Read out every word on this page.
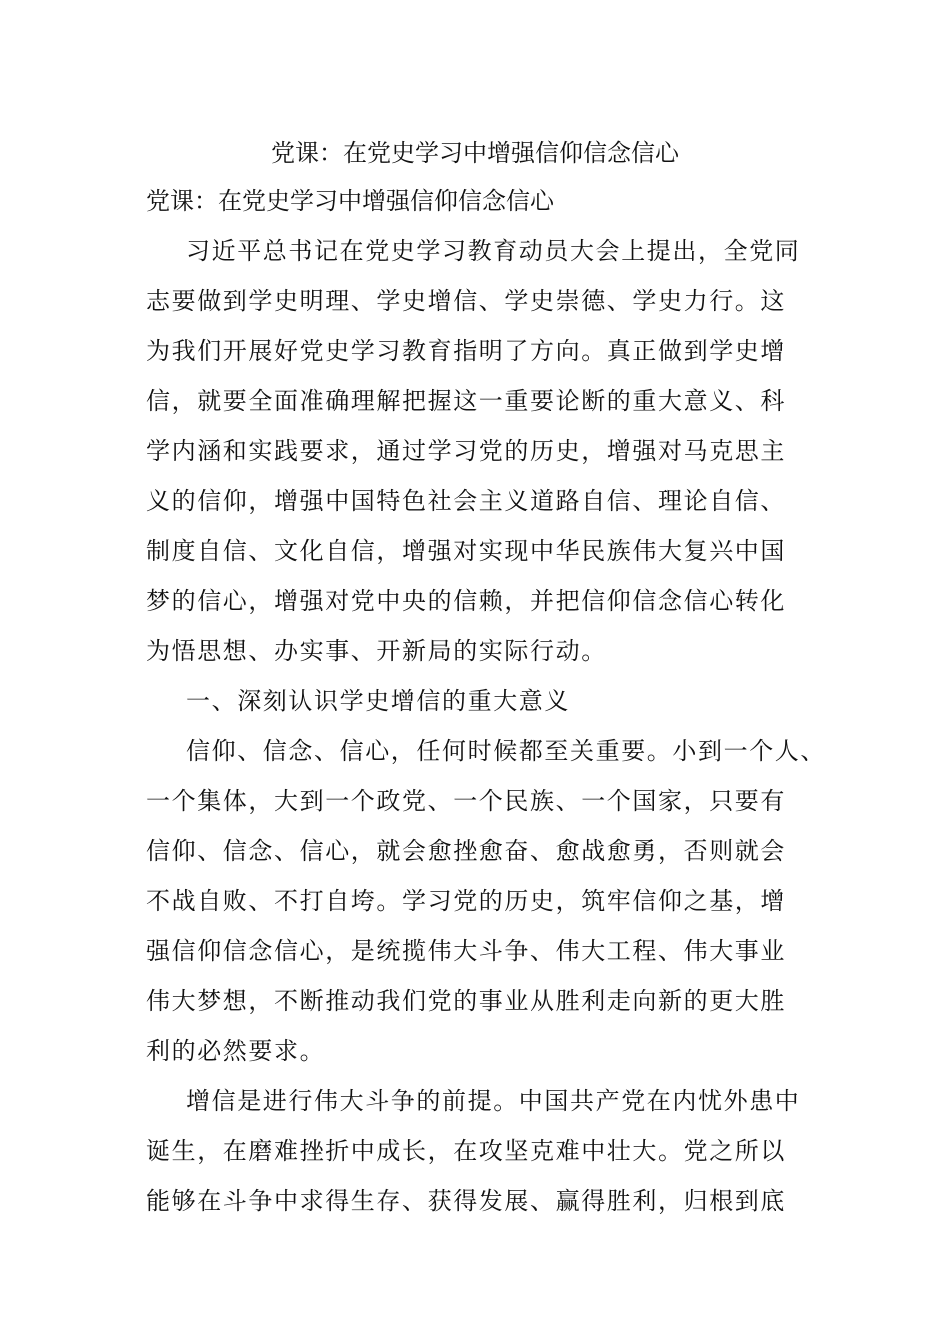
党课：在党史学习中增强信仰信念信心
党课：在党史学习中增强信仰信念信心
习近平总书记在党史学习教育动员大会上提出，全党同
志要做到学史明理、学史增信、学史崇德、学史力行。这
为我们开展好党史学习教育指明了方向。真正做到学史增
信，就要全面准确理解把握这一重要论断的重大意义、科
学内涵和实践要求，通过学习党的历史，增强对马克思主
义的信仰，增强中国特色社会主义道路自信、理论自信、
制度自信、文化自信，增强对实现中华民族伟大复兴中国
梦的信心，增强对党中央的信赖，并把信仰信念信心转化
为悟思想、办实事、开新局的实际行动。
一、深刻认识学史增信的重大意义
信仰、信念、信心，任何时候都至关重要。小到一个人、
一个集体，大到一个政党、一个民族、一个国家，只要有
信仰、信念、信心，就会愈挫愈奋、愈战愈勇，否则就会
不战自败、不打自垮。学习党的历史，筑牢信仰之基，增
强信仰信念信心，是统揽伟大斗争、伟大工程、伟大事业
伟大梦想，不断推动我们党的事业从胜利走向新的更大胜
利的必然要求。
增信是进行伟大斗争的前提。中国共产党在内忧外患中
诞生，在磨难挫折中成长，在攻坚克难中壮大。党之所以
能够在斗争中求得生存、获得发展、赢得胜利，归根到底
